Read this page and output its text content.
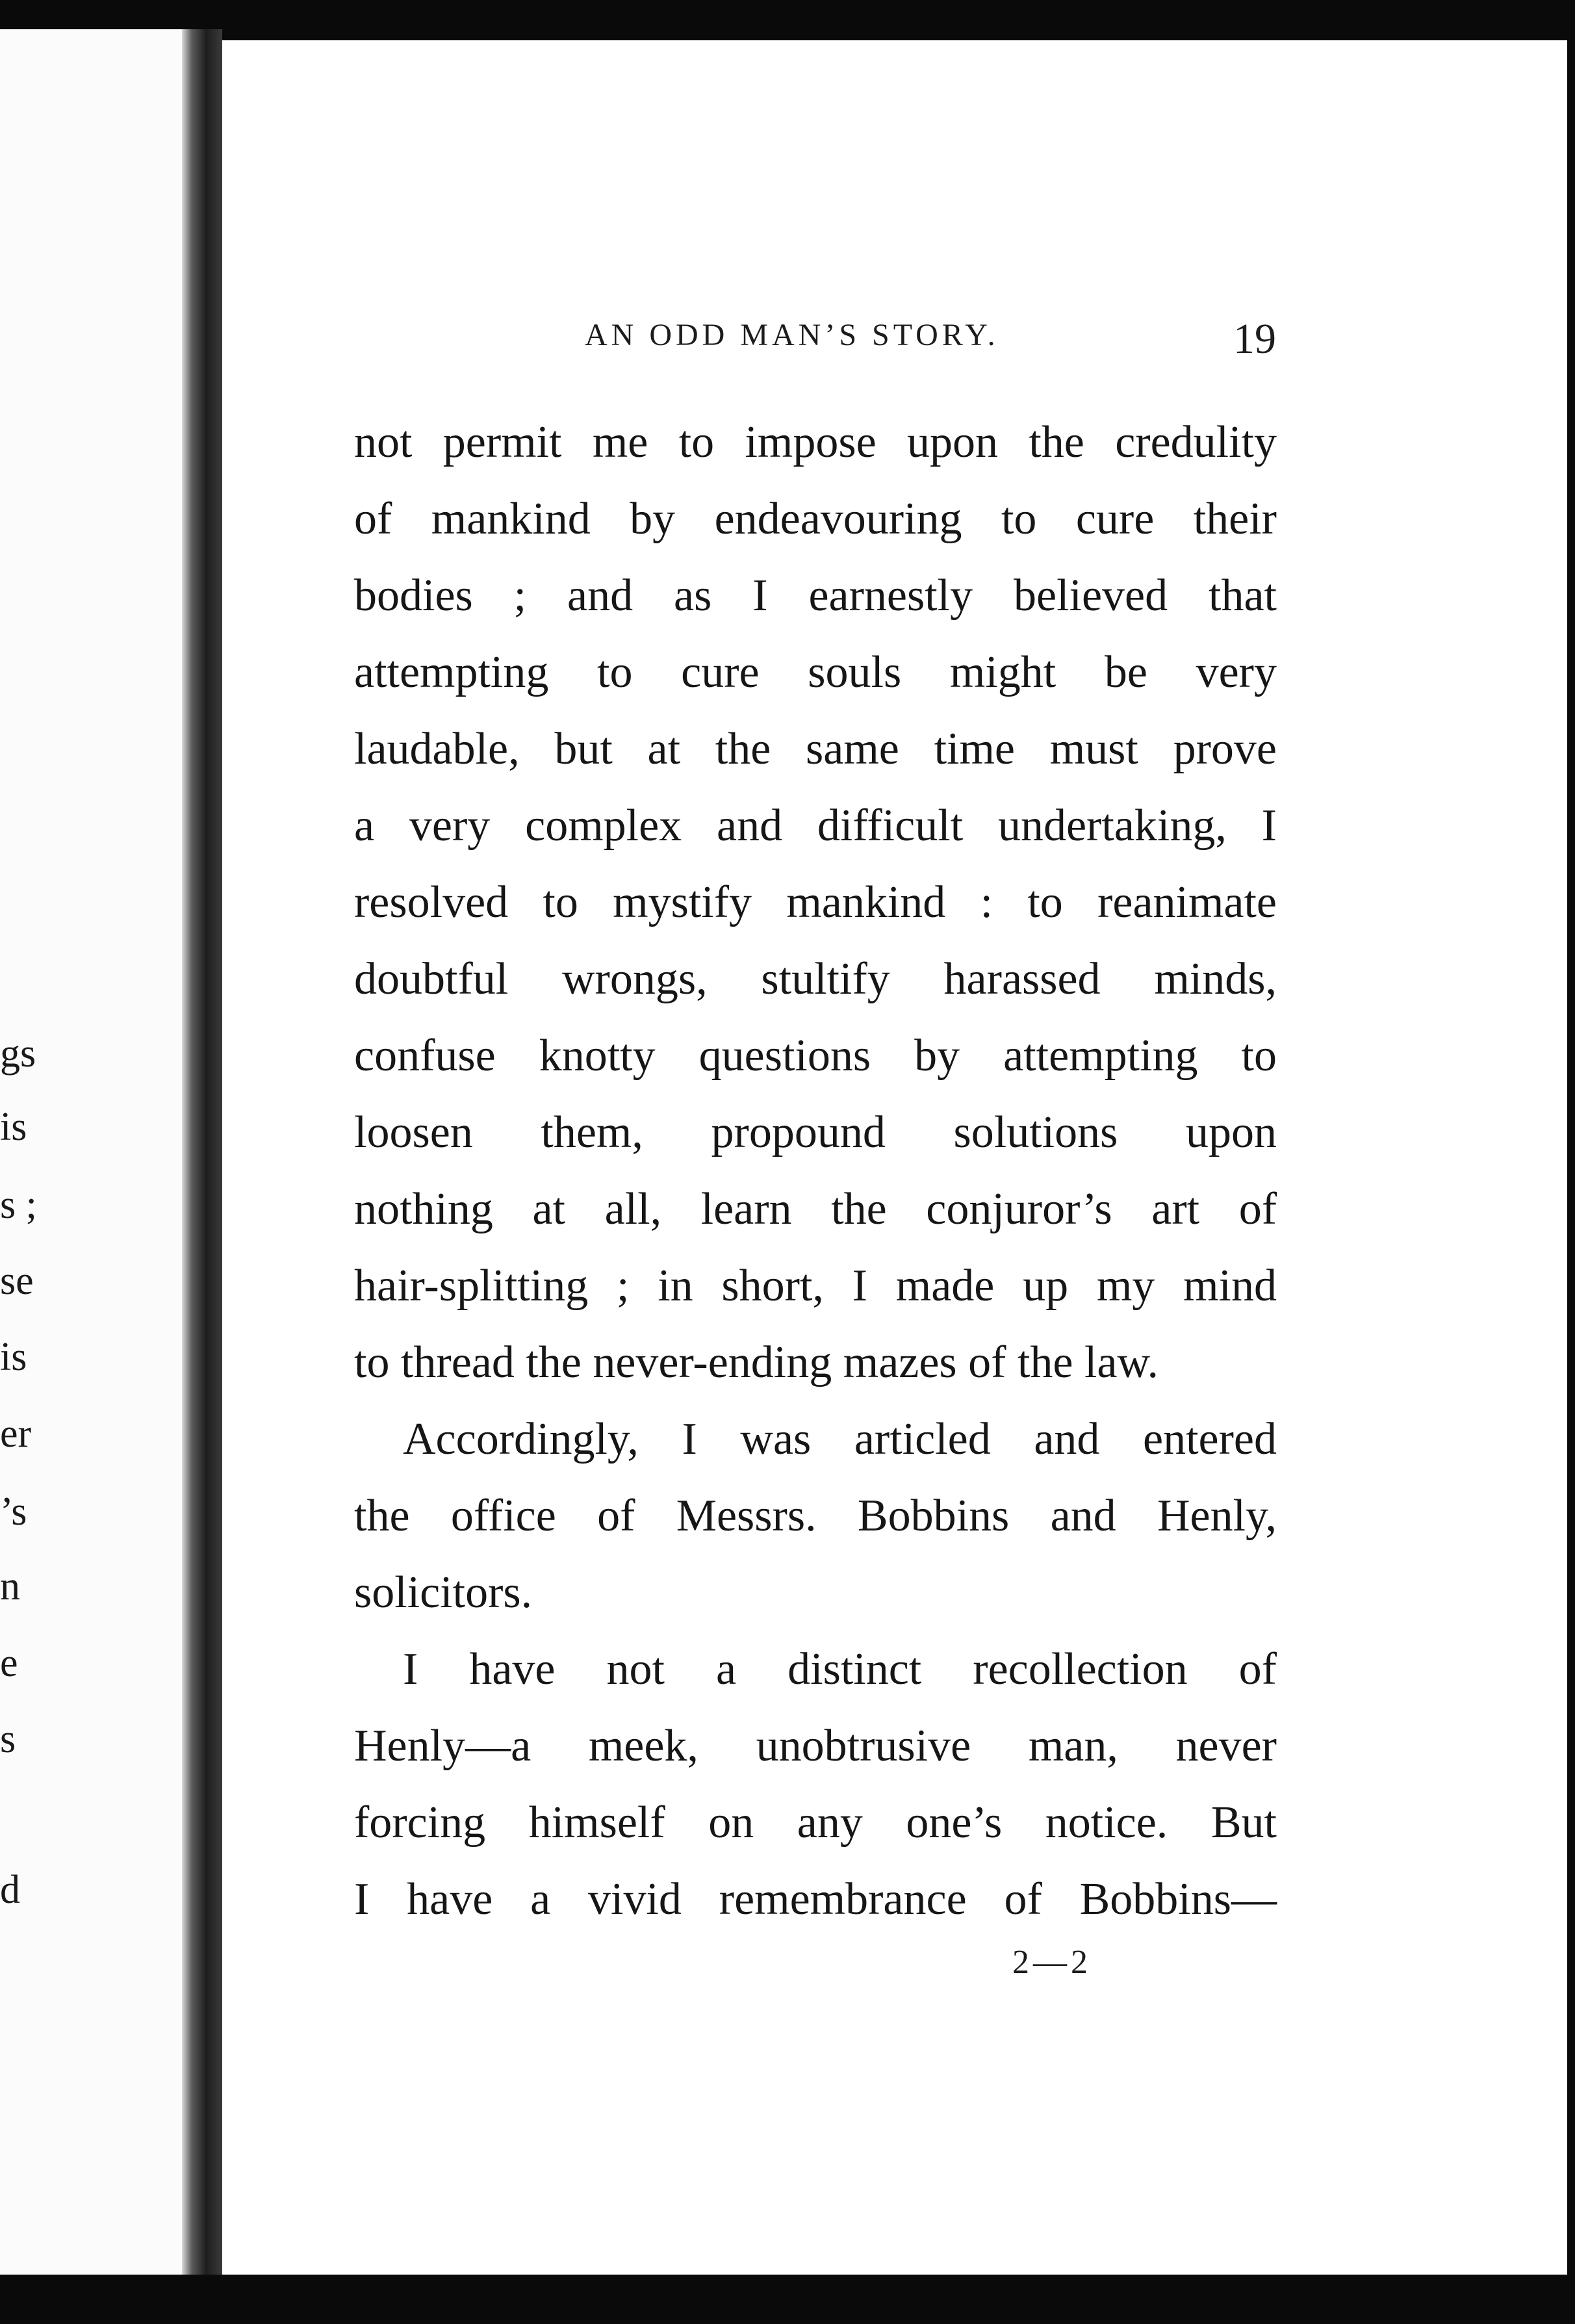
gs
is
s ;
se
is
er
’s
n
e
s
d
AN ODD MAN’S STORY.	19
not permit me to impose upon the credulity
of mankind by endeavouring to cure their
bodies ; and as I earnestly believed that
attempting to cure souls might be very
laudable, but at the same time must prove
a very complex and difficult undertaking, I
resolved to mystify mankind : to reanimate
doubtful wrongs, stultify harassed minds,
confuse knotty questions by attempting to
loosen them, propound solutions upon
nothing at all, learn the conjuror’s art of
hair-splitting ; in short, I made up my mind
to thread the never-ending mazes of the law.
Accordingly, I was articled and entered
the office of Messrs. Bobbins and Henly,
solicitors.
I have not a distinct recollection of
Henly—a meek, unobtrusive man, never
forcing himself on any one’s notice. But
I have a vivid remembrance of Bobbins—
2—2
